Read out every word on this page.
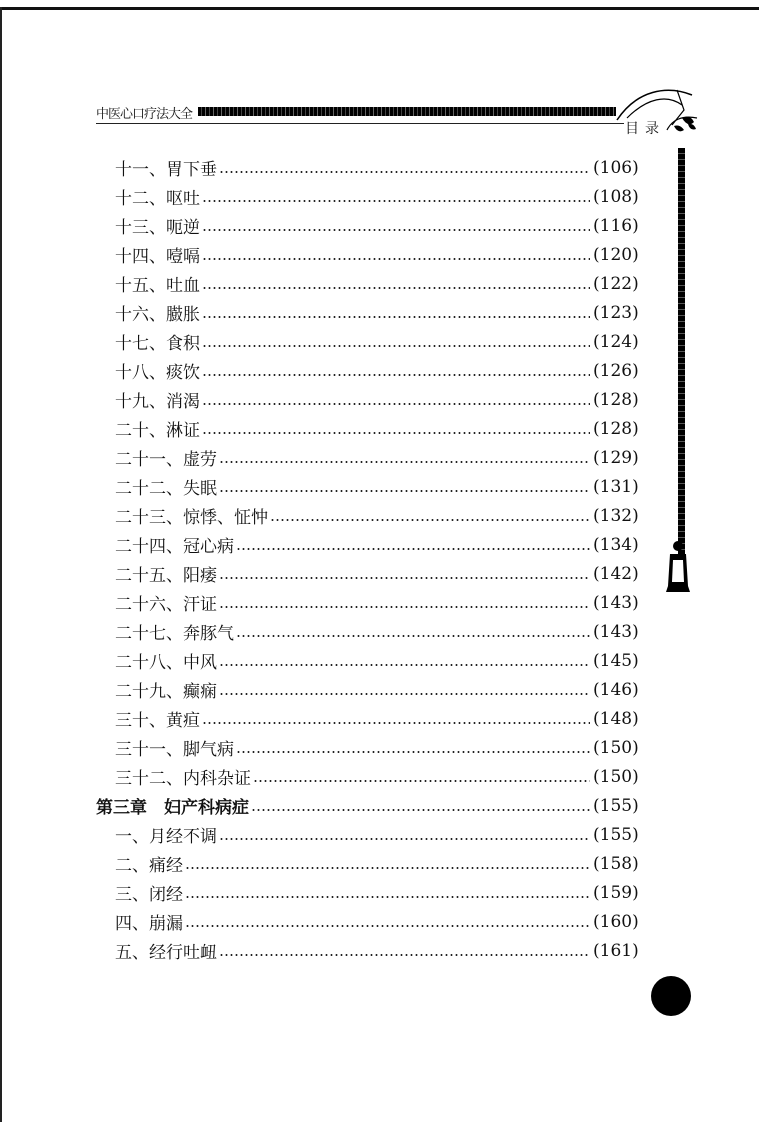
中医心口疗法大全
目录
十一、胃下垂	(106)
十二、呕吐	(108)
十三、呃逆	(116)
十四、噎嗝	(120)
十五、吐血	(122)
十六、臌胀	(123)
十七、食积	(124)
十八、痰饮	(126)
十九、消渴	(128)
二十、淋证	(128)
二十一、虚劳	(129)
二十二、失眠	(131)
二十三、惊悸、怔忡	(132)
二十四、冠心病	(134)
二十五、阳痿	(142)
二十六、汗证	(143)
二十七、奔豚气	(143)
二十八、中风	(145)
二十九、癫痫	(146)
三十、黄疸	(148)
三十一、脚气病	(150)
三十二、内科杂证	(150)
第三章　妇产科病症	(155)
一、月经不调	(155)
二、痛经	(158)
三、闭经	(159)
四、崩漏	(160)
五、经行吐衄	(161)
